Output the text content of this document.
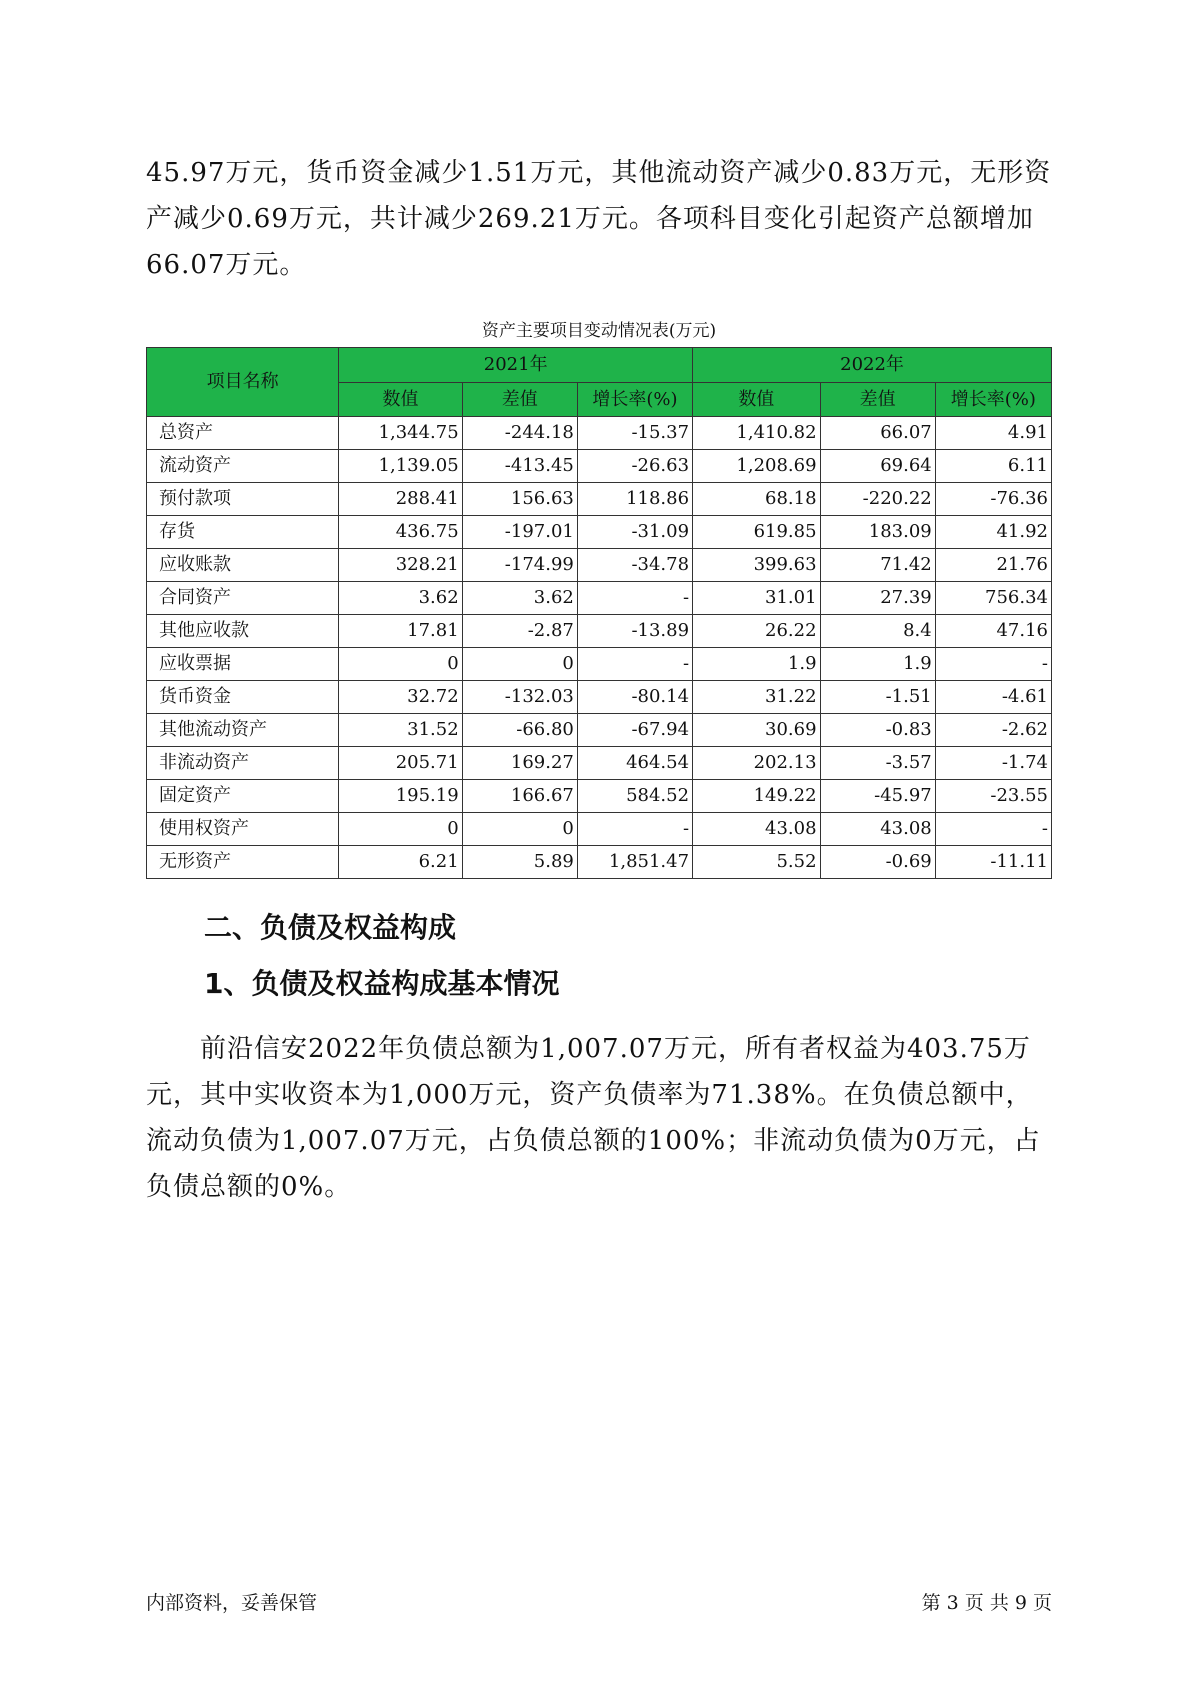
45.97万元，货币资金减少1.51万元，其他流动资产减少0.83万元，无形资产减少0.69万元，共计减少269.21万元。各项科目变化引起资产总额增加66.07万元。

资产主要项目变动情况表(万元)
项目名称	2021年			2022年		
	数值	差值	增长率(%)	数值	差值	增长率(%)
总资产	1,344.75	-244.18	-15.37	1,410.82	66.07	4.91
流动资产	1,139.05	-413.45	-26.63	1,208.69	69.64	6.11
预付款项	288.41	156.63	118.86	68.18	-220.22	-76.36
存货	436.75	-197.01	-31.09	619.85	183.09	41.92
应收账款	328.21	-174.99	-34.78	399.63	71.42	21.76
合同资产	3.62	3.62	-	31.01	27.39	756.34
其他应收款	17.81	-2.87	-13.89	26.22	8.4	47.16
应收票据	0	0	-	1.9	1.9	-
货币资金	32.72	-132.03	-80.14	31.22	-1.51	-4.61
其他流动资产	31.52	-66.80	-67.94	30.69	-0.83	-2.62
非流动资产	205.71	169.27	464.54	202.13	-3.57	-1.74
固定资产	195.19	166.67	584.52	149.22	-45.97	-23.55
使用权资产	0	0	-	43.08	43.08	-
无形资产	6.21	5.89	1,851.47	5.52	-0.69	-11.11
二、负债及权益构成
1、负债及权益构成基本情况

前沿信安2022年负债总额为1,007.07万元，所有者权益为403.75万元，其中实收资本为1,000万元，资产负债率为71.38%。在负债总额中，流动负债为1,007.07万元，占负债总额的100%；非流动负债为0万元，占负债总额的0%。

内部资料，妥善保管	第 3 页 共 9 页
